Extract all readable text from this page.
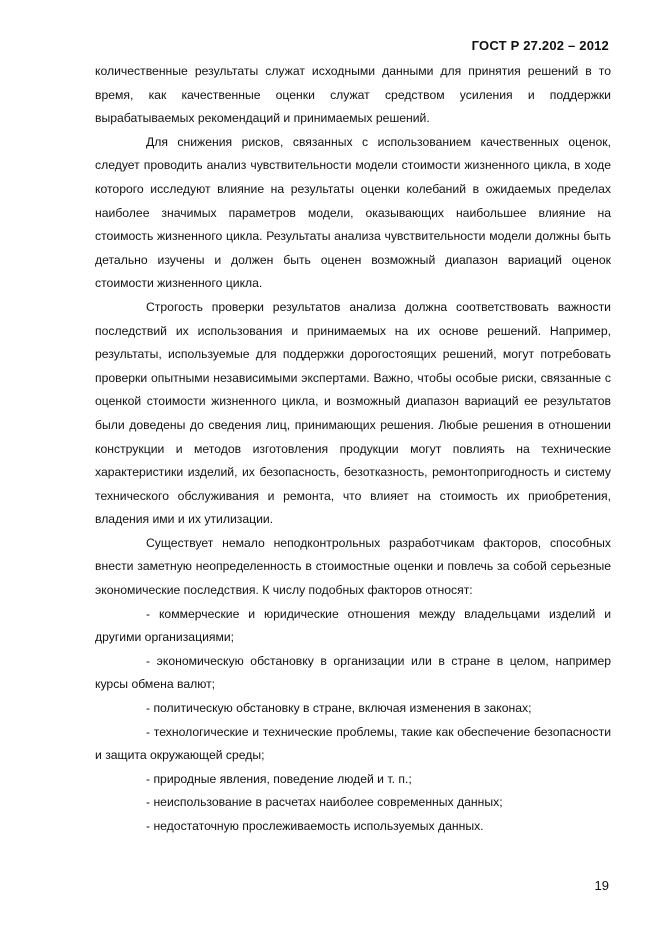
ГОСТ Р 27.202 – 2012

количественные результаты служат исходными данными для принятия решений в то время, как качественные оценки служат средством усиления и поддержки вырабатываемых рекомендаций и принимаемых решений.

Для снижения рисков, связанных с использованием качественных оценок, следует проводить анализ чувствительности модели стоимости жизненного цикла, в ходе которого исследуют влияние на результаты оценки колебаний в ожидаемых пределах наиболее значимых параметров модели, оказывающих наибольшее влияние на стоимость жизненного цикла. Результаты анализа чувствительности модели должны быть детально изучены и должен быть оценен возможный диапазон вариаций оценок стоимости жизненного цикла.

Строгость проверки результатов анализа должна соответствовать важности последствий их использования и принимаемых на их основе решений. Например, результаты, используемые для поддержки дорогостоящих решений, могут потребовать проверки опытными независимыми экспертами. Важно, чтобы особые риски, связанные с оценкой стоимости жизненного цикла, и возможный диапазон вариаций ее результатов были доведены до сведения лиц, принимающих решения. Любые решения в отношении конструкции и методов изготовления продукции могут повлиять на технические характеристики изделий, их безопасность, безотказность, ремонтопригодность и систему технического обслуживания и ремонта, что влияет на стоимость их приобретения, владения ими и их утилизации.

Существует немало неподконтрольных разработчикам факторов, способных внести заметную неопределенность в стоимостные оценки и повлечь за собой серьезные экономические последствия. К числу подобных факторов относят:

- коммерческие и юридические отношения между владельцами изделий и другими организациями;

- экономическую обстановку в организации или в стране в целом, например курсы обмена валют;

- политическую обстановку в стране, включая изменения в законах;

- технологические и технические проблемы, такие как обеспечение безопасности и защита окружающей среды;

- природные явления, поведение людей и т. п.;

- неиспользование в расчетах наиболее современных данных;

- недостаточную прослеживаемость используемых данных.

19
